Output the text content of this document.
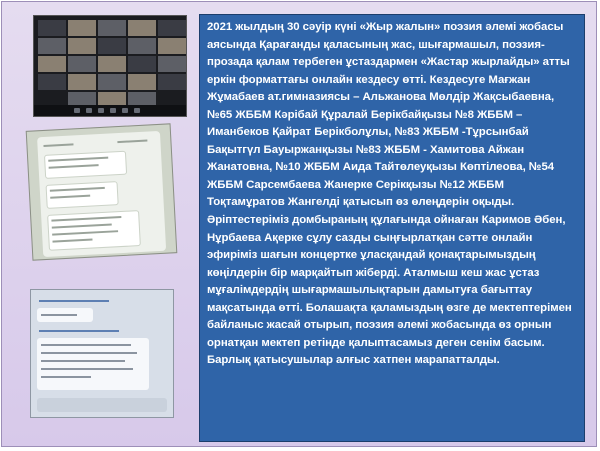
2021 жылдың 30 сәуір күні «Жыр жалын» поэзия әлемі жобасы аясында Қарағанды қаласының жас, шығармашыл, поэзия-прозада қалам тербеген ұстаздармен «Жастар жырлайды» атты еркін форматтағы онлайн кездесу өтті. Кездесуге Мағжан Жұмабаев ат.гимназиясы – Альжанова Мөлдір Жақсыбаевна, №65 ЖББМ Кәрібай Құралай Берікбайқызы №8 ЖББМ – Иманбеков Қайрат Берікболұлы, №83 ЖББМ -Тұрсынбай Бақытгүл Бауыржанқызы №83 ЖББМ - Хамитова Айжан Жанатовна, №10 ЖББМ Аида Тайтөлеуқызы Көптілеова, №54 ЖББМ Сарсембаева Жанерке Серікқызы №12 ЖББМ Тоқтамұратов Жангелді қатысып өз өлеңдерін оқыды. Әріптестеріміз домбыраның құлағында ойнаған Каримов Әбен, Нұрбаева Ақерке сұлу сазды сыңғырлатқан сәтте онлайн эфиріміз шағын концертке ұласқандай қонақтарымыздың көңілдерін бір марқайтып жіберді. Аталмыш кеш жас ұстаз мұғалімдердің шығармашылықтарын дамытуға бағыттау мақсатында өтті. Болашақта қаламыздың өзге де мектептерімен байланыс жасай отырып, поэзия әлемі жобасында өз орнын орнатқан мектеп ретінде қалыптасамыз деген сенім басым. Барлық қатысушылар алғыс хатпен марапатталды.
